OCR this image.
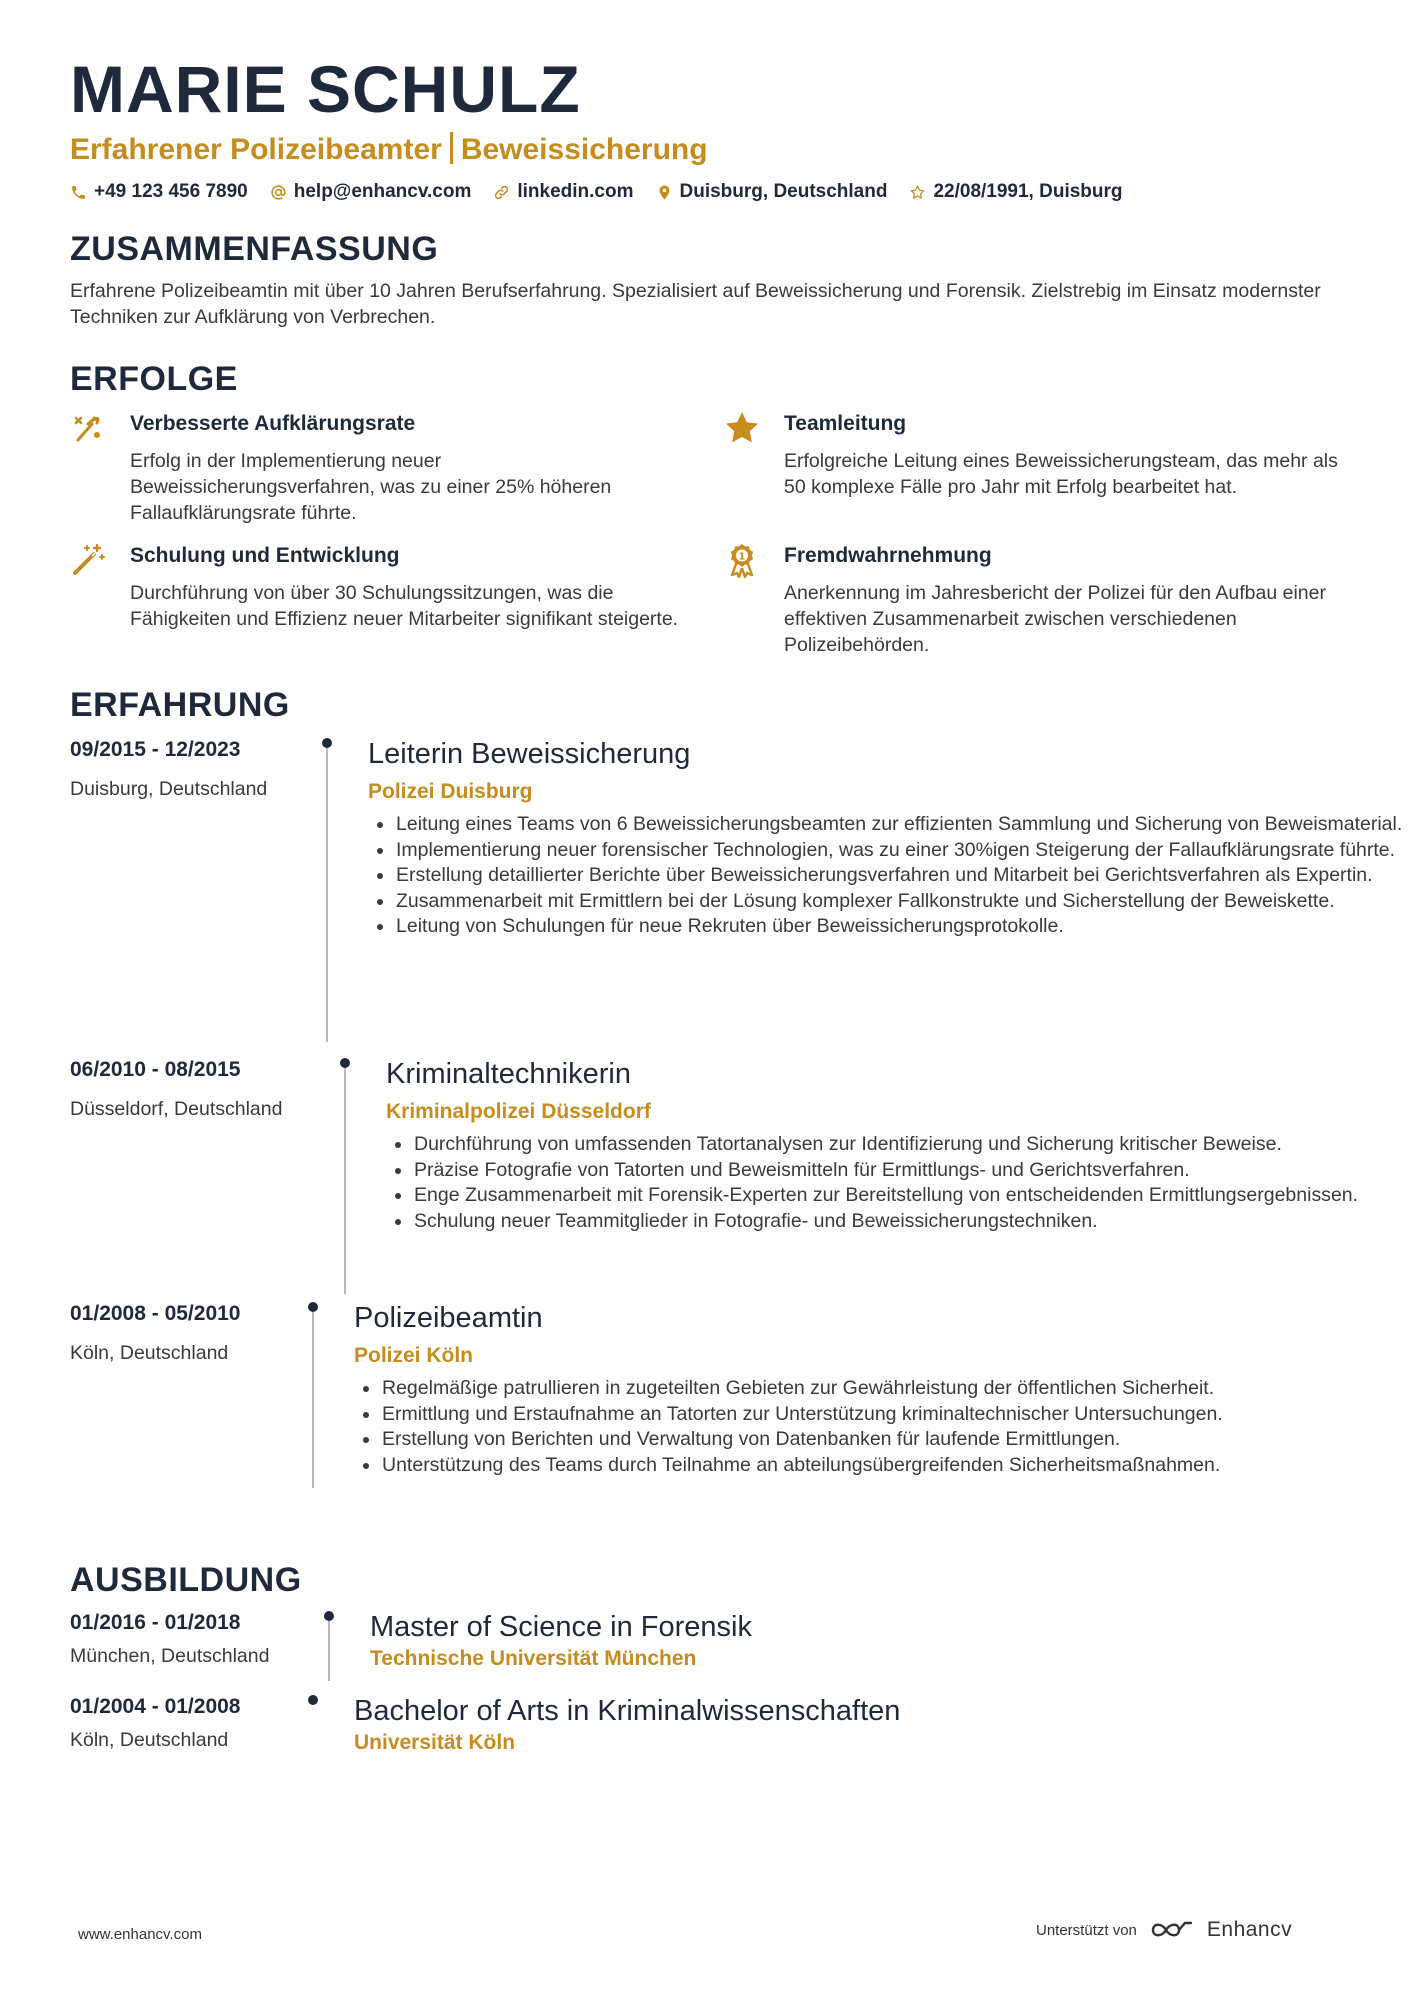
MARIE SCHULZ
Erfahrener Polizeibeamter Beweissicherung
+49 123 456 7890 help@enhancv.com linkedin.com Duisburg, Deutschland 22/08/1991, Duisburg
ZUSAMMENFASSUNG
Erfahrene Polizeibeamtin mit über 10 Jahren Berufserfahrung. Spezialisiert auf Beweissicherung und Forensik. Zielstrebig im Einsatz modernster Techniken zur Aufklärung von Verbrechen.
ERFOLGE
Verbesserte Aufklärungsrate
Erfolg in der Implementierung neuer Beweissicherungsverfahren, was zu einer 25% höheren Fallaufklärungsrate führte.
Teamleitung
Erfolgreiche Leitung eines Beweissicherungsteam, das mehr als 50 komplexe Fälle pro Jahr mit Erfolg bearbeitet hat.
Schulung und Entwicklung
Durchführung von über 30 Schulungssitzungen, was die Fähigkeiten und Effizienz neuer Mitarbeiter signifikant steigerte.
1 Fremdwahrnehmung
Anerkennung im Jahresbericht der Polizei für den Aufbau einer effektiven Zusammenarbeit zwischen verschiedenen Polizeibehörden.
ERFAHRUNG
09/2015 - 12/2023
Duisburg, Deutschland
Leiterin Beweissicherung
Polizei Duisburg
Leitung eines Teams von 6 Beweissicherungsbeamten zur effizienten Sammlung und Sicherung von Beweismaterial.
Implementierung neuer forensischer Technologien, was zu einer 30%igen Steigerung der Fallaufklärungsrate führte.
Erstellung detaillierter Berichte über Beweissicherungsverfahren und Mitarbeit bei Gerichtsverfahren als Expertin.
Zusammenarbeit mit Ermittlern bei der Lösung komplexer Fallkonstrukte und Sicherstellung der Beweiskette.
Leitung von Schulungen für neue Rekruten über Beweissicherungsprotokolle.
06/2010 - 08/2015
Düsseldorf, Deutschland
Kriminaltechnikerin
Kriminalpolizei Düsseldorf
Durchführung von umfassenden Tatortanalysen zur Identifizierung und Sicherung kritischer Beweise.
Präzise Fotografie von Tatorten und Beweismitteln für Ermittlungs- und Gerichtsverfahren.
Enge Zusammenarbeit mit Forensik-Experten zur Bereitstellung von entscheidenden Ermittlungsergebnissen.
Schulung neuer Teammitglieder in Fotografie- und Beweissicherungstechniken.
01/2008 - 05/2010
Köln, Deutschland
Polizeibeamtin
Polizei Köln
Regelmäßige patrullieren in zugeteilten Gebieten zur Gewährleistung der öffentlichen Sicherheit.
Ermittlung und Erstaufnahme an Tatorten zur Unterstützung kriminaltechnischer Untersuchungen.
Erstellung von Berichten und Verwaltung von Datenbanken für laufende Ermittlungen.
Unterstützung des Teams durch Teilnahme an abteilungsübergreifenden Sicherheitsmaßnahmen.
AUSBILDUNG
01/2016 - 01/2018
München, Deutschland
Master of Science in Forensik
Technische Universität München
01/2004 - 01/2008
Köln, Deutschland
Bachelor of Arts in Kriminalwissenschaften
Universität Köln
www.enhancv.com	Unterstützt von	Enhancv
